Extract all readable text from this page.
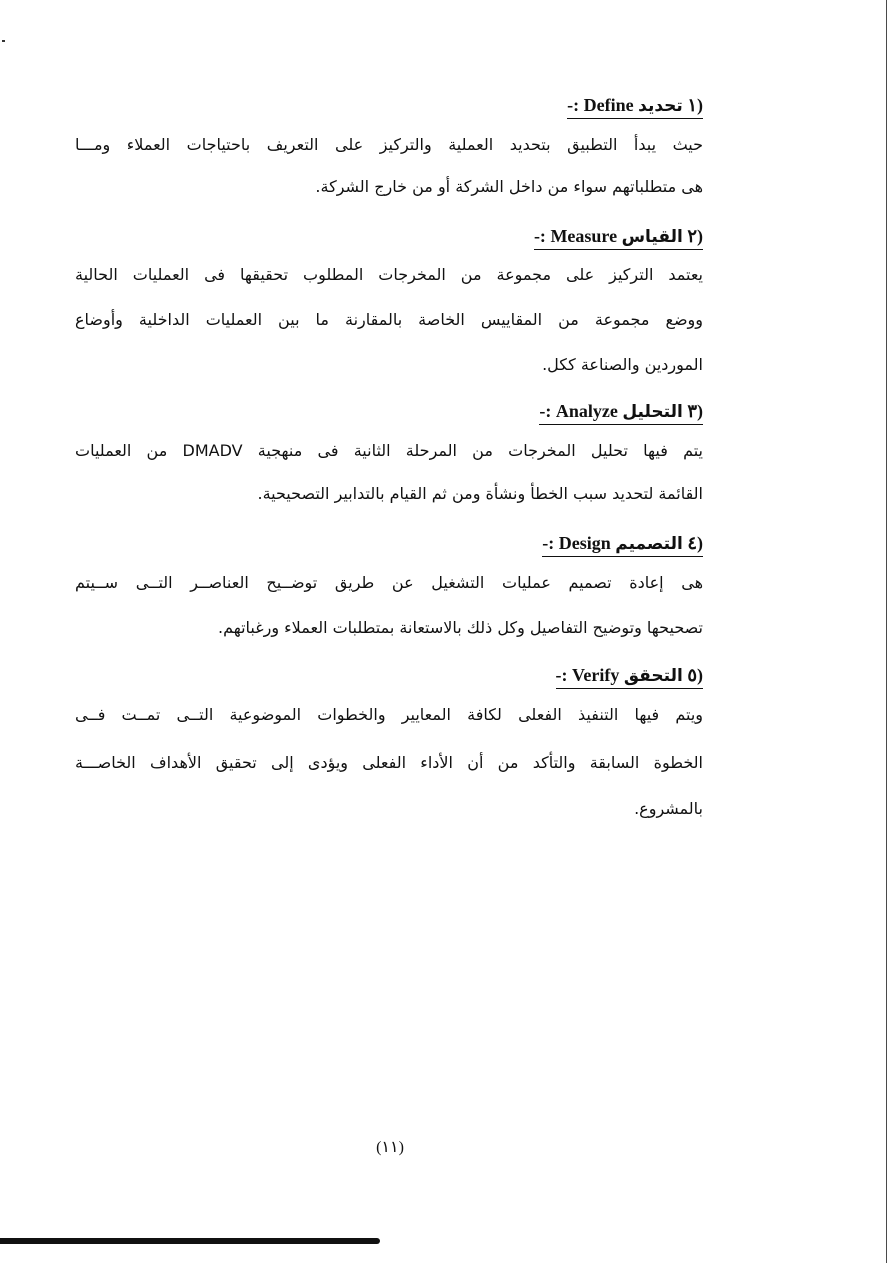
(١ تحديد Define :-
حيث يبدأ التطبيق بتحديد العملية والتركيز على التعريف باحتياجات العملاء ومـــا
هى متطلباتهم سواء من داخل الشركة أو من خارج الشركة.
(٢ القياس Measure :-
يعتمد التركيز على مجموعة من المخرجات المطلوب تحقيقها فى العمليات الحالية
ووضع مجموعة من المقاييس الخاصة بالمقارنة ما بين العمليات الداخلية وأوضاع
الموردين والصناعة ككل.
(٣ التحليل Analyze :-
يتم فيها تحليل المخرجات من المرحلة الثانية فى منهجية DMADV من العمليات
القائمة لتحديد سبب الخطأ ونشأة ومن ثم القيام بالتدابير التصحيحية.
(٤ التصميم Design :-
هى إعادة تصميم عمليات التشغيل عن طريق توضــيح العناصــر التــى ســيتم
تصحيحها وتوضيح التفاصيل وكل ذلك بالاستعانة بمتطلبات العملاء ورغباتهم.
(٥ التحقق Verify :-
ويتم فيها التنفيذ الفعلى لكافة المعايير والخطوات الموضوعية التــى تمــت فــى
الخطوة السابقة والتأكد من أن الأداء الفعلى ويؤدى إلى تحقيق الأهداف الخاصـــة
بالمشروع.
(١١)
